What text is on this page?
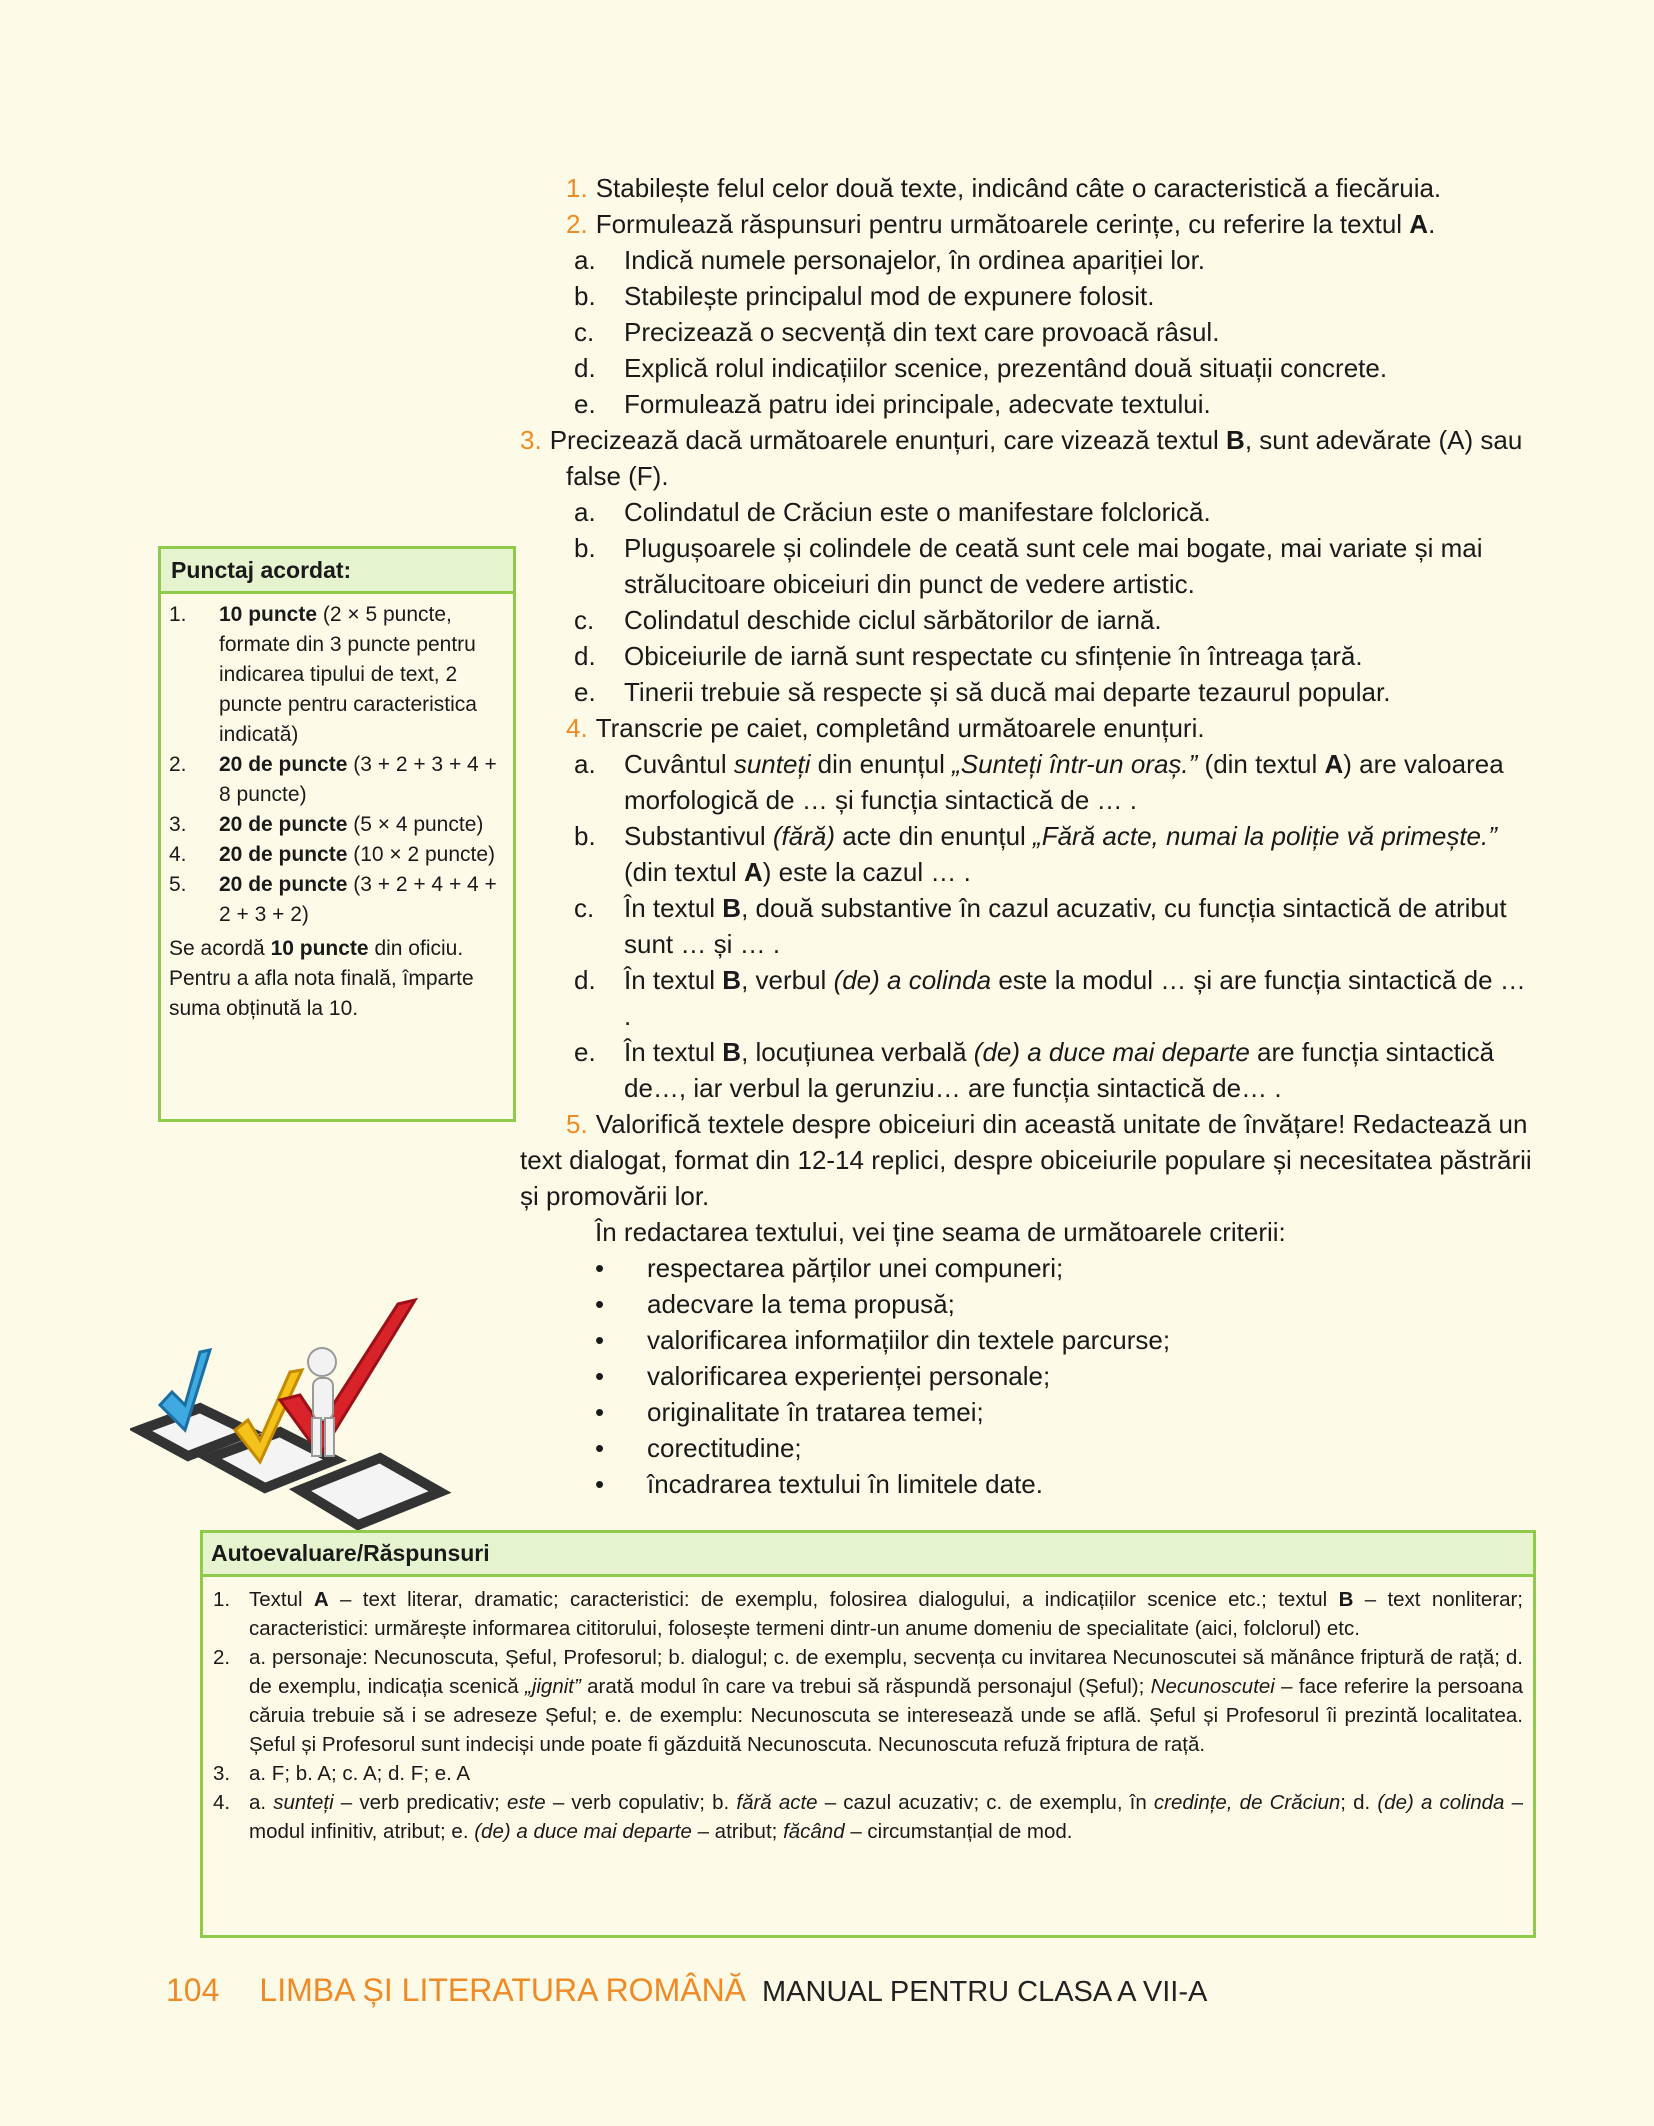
1. Stabilește felul celor două texte, indicând câte o caracteristică a fiecăruia.

2. Formulează răspunsuri pentru următoarele cerințe, cu referire la textul A.

a.	Indică numele personajelor, în ordinea apariției lor.
b.	Stabilește principalul mod de expunere folosit.
c.	Precizează o secvență din text care provoacă râsul.
d.	Explică rolul indicațiilor scenice, prezentând două situații concrete.
e.	Formulează patru idei principale, adecvate textului.

3. Precizează dacă următoarele enunțuri, care vizează textul B, sunt adevărate (A) sau false (F).

a.	Colindatul de Crăciun este o manifestare folclorică.
b.	Plugușoarele și colindele de ceată sunt cele mai bogate, mai variate și mai strălucitoare obiceiuri din punct de vedere artistic.
c.	Colindatul deschide ciclul sărbătorilor de iarnă.
d.	Obiceiurile de iarnă sunt respectate cu sfințenie în întreaga țară.
e.	Tinerii trebuie să respecte și să ducă mai departe tezaurul popular.

4. Transcrie pe caiet, completând următoarele enunțuri.

a.	Cuvântul sunteți din enunțul „Sunteți într-un oraș.” (din textul A) are valoarea morfologică de … și funcția sintactică de … .
b.	Substantivul (fără) acte din enunțul „Fără acte, numai la poliție vă primește.” (din textul A) este la cazul … .
c.	În textul B, două substantive în cazul acuzativ, cu funcția sintactică de atribut sunt … și … .
d.	În textul B, verbul (de) a colinda este la modul … și are funcția sintactică de … .
e.	În textul B, locuțiunea verbală (de) a duce mai departe are funcția sintactică de…, iar verbul la gerunziu… are funcția sintactică de… .

5. Valorifică textele despre obiceiuri din această unitate de învățare! Redactează un text dialogat, format din 12-14 replici, despre obiceiurile populare și necesitatea păstrării și promovării lor.

În redactarea textului, vei ține seama de următoarele criterii:

•	respectarea părților unei compuneri;
•	adecvare la tema propusă;
•	valorificarea informațiilor din textele parcurse;
•	valorificarea experienței personale;
•	originalitate în tratarea temei;
•	corectitudine;
•	încadrarea textului în limitele date.
Punctaj acordat:
1.	10 puncte (2 × 5 puncte, formate din 3 puncte pentru indicarea tipului de text, 2 puncte pentru caracteristica indicată)
2.	20 de puncte (3 + 2 + 3 + 4 + 8 puncte)
3.	20 de puncte (5 × 4 puncte)
4.	20 de puncte (10 × 2 puncte)
5.	20 de puncte (3 + 2 + 4 + 4 + 2 + 3 + 2)
Se acordă 10 puncte din oficiu. Pentru a afla nota finală, împarte suma obținută la 10.
Autoevaluare/Răspunsuri
1. Textul A – text literar, dramatic; caracteristici: de exemplu, folosirea dialogului, a indicațiilor scenice etc.; textul B – text nonliterar; caracteristici: urmărește informarea cititorului, folosește termeni dintr-un anume domeniu de specialitate (aici, folclorul) etc.
2. a. personaje: Necunoscuta, Șeful, Profesorul; b. dialogul; c. de exemplu, secvența cu invitarea Necunoscutei să mănânce friptură de rață; d. de exemplu, indicația scenică „jignit” arată modul în care va trebui să răspundă personajul (Șeful); Necunoscutei – face referire la persoana căruia trebuie să i se adreseze Șeful; e. de exemplu: Necunoscuta se interesează unde se află. Șeful și Profesorul îi prezintă localitatea. Șeful și Profesorul sunt indeciși unde poate fi găzduită Necunoscuta. Necunoscuta refuză friptura de rață.
3. a. F; b. A; c. A; d. F; e. A
4. a. sunteți – verb predicativ; este – verb copulativ; b. fără acte – cazul acuzativ; c. de exemplu, în credințe, de Crăciun; d. (de) a colinda – modul infinitiv, atribut; e. (de) a duce mai departe – atribut; făcând – circumstanțial de mod.
104 LIMBA ȘI LITERATURA ROMÂNĂ MANUAL PENTRU CLASA A VII-A
